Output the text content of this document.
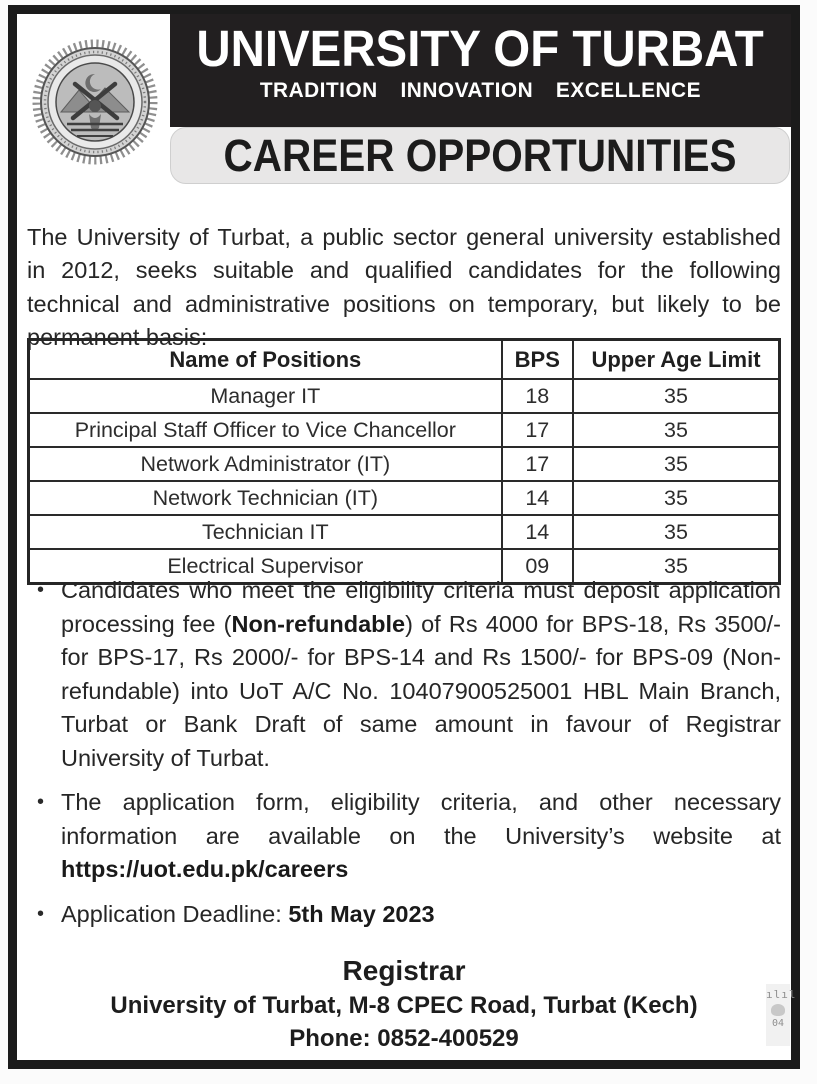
UNIVERSITY OF TURBAT
TRADITION INNOVATION EXCELLENCE
CAREER OPPORTUNITIES

The University of Turbat, a public sector general university established in 2012, seeks suitable and qualified candidates for the following technical and administrative positions on temporary, but likely to be permanent basis:

Name of Positions	BPS	Upper Age Limit
Manager IT	18	35
Principal Staff Officer to Vice Chancellor	17	35
Network Administrator (IT)	17	35
Network Technician (IT)	14	35
Technician IT	14	35
Electrical Supervisor	09	35
• Candidates who meet the eligibility criteria must deposit application processing fee (Non-refundable) of Rs 4000 for BPS-18, Rs 3500/- for BPS-17, Rs 2000/- for BPS-14 and Rs 1500/- for BPS-09 (Non-refundable) into UoT A/C No. 10407900525001 HBL Main Branch, Turbat or Bank Draft of same amount in favour of Registrar University of Turbat.
• The application form, eligibility criteria, and other necessary information are available on the University’s website at https://uot.edu.pk/careers
• Application Deadline: 5th May 2023
Registrar
University of Turbat, M-8 CPEC Road, Turbat (Kech)
Phone: 0852-400529
ılıl
04
